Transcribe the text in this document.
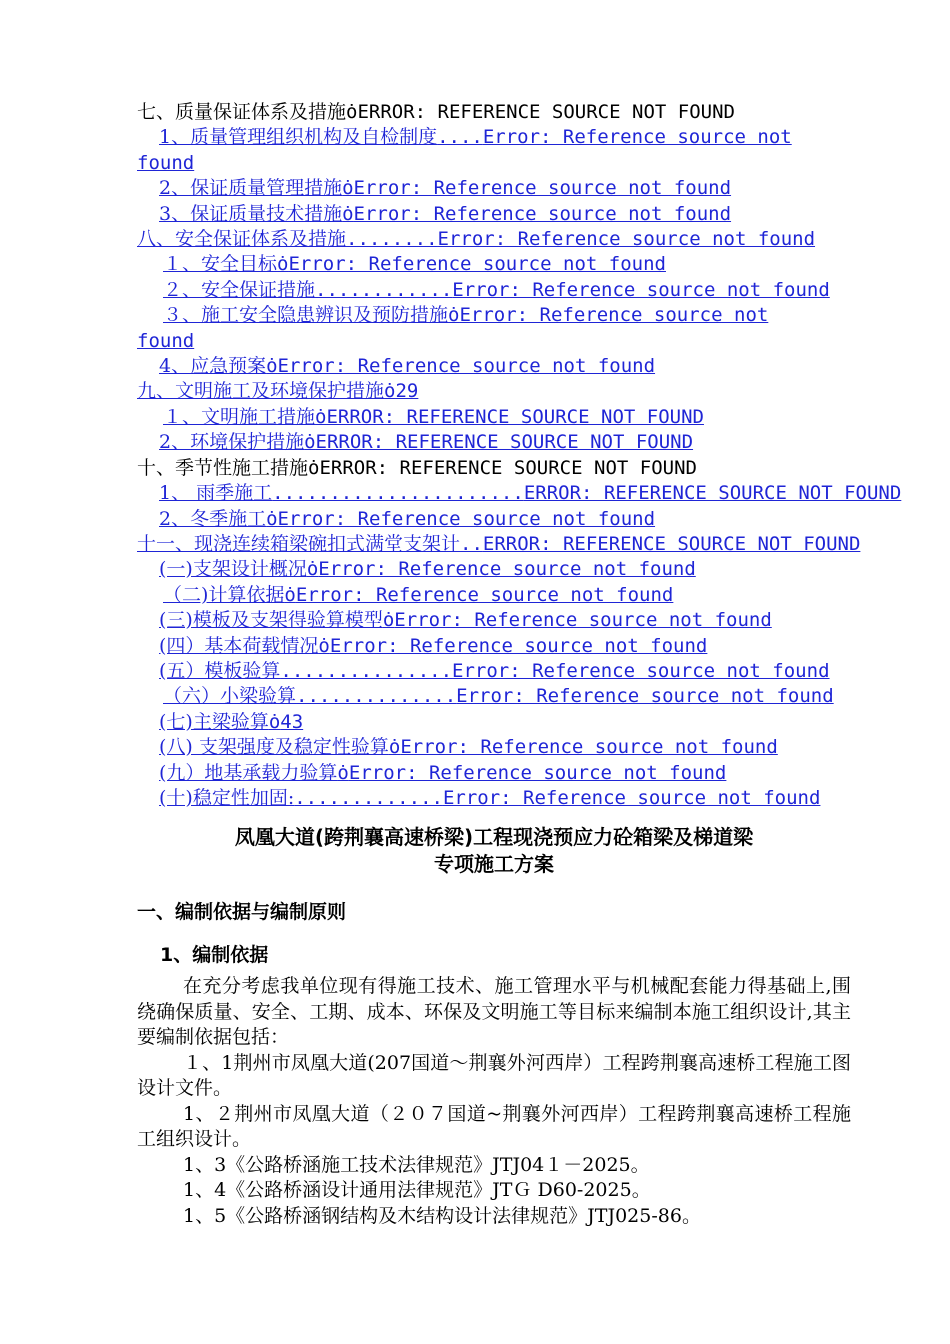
七、质量保证体系及措施ȯERROR: REFERENCE SOURCE NOT FOUND
1、质量管理组织机构及自检制度....Error: Reference source not
found
2、保证质量管理措施ȯError: Reference source not found
3、保证质量技术措施ȯError: Reference source not found
八、安全保证体系及措施........Error: Reference source not found
１、安全目标ȯError: Reference source not found
２、安全保证措施............Error: Reference source not found
３、施工安全隐患辨识及预防措施ȯError: Reference source not
found
4、应急预案ȯError: Reference source not found
九、文明施工及环境保护措施ȯ29
１、文明施工措施ȯERROR: REFERENCE SOURCE NOT FOUND
2、环境保护措施ȯERROR: REFERENCE SOURCE NOT FOUND
十、季节性施工措施ȯERROR: REFERENCE SOURCE NOT FOUND
1、 雨季施工......................ERROR: REFERENCE SOURCE NOT FOUND
2、冬季施工ȯError: Reference source not found
十一、现浇连续箱梁碗扣式满堂支架计..ERROR: REFERENCE SOURCE NOT FOUND
(一)支架设计概况ȯError: Reference source not found
（二)计算依据ȯError: Reference source not found
(三)模板及支架得验算模型ȯError: Reference source not found
(四）基本荷载情况ȯError: Reference source not found
(五）模板验算...............Error: Reference source not found
（六）小梁验算..............Error: Reference source not found
(七)主梁验算ȯ43
(八) 支架强度及稳定性验算ȯError: Reference source not found
(九）地基承载力验算ȯError: Reference source not found
(十)稳定性加固:.............Error: Reference source not found
凤凰大道(跨荆襄高速桥梁)工程现浇预应力砼箱梁及梯道梁
专项施工方案
一、编制依据与编制原则
1、编制依据

在充分考虑我单位现有得施工技术、施工管理水平与机械配套能力得基础上,围绕确保质量、安全、工期、成本、环保及文明施工等目标来编制本施工组织设计,其主要编制依据包括：

１、1荆州市凤凰大道(207国道～荆襄外河西岸）工程跨荆襄高速桥工程施工图设计文件。

1、２荆州市凤凰大道（２０７国道~荆襄外河西岸）工程跨荆襄高速桥工程施工组织设计。

1、3《公路桥涵施工技术法律规范》JTJ04１－2025。

1、4《公路桥涵设计通用法律规范》JTＧ D60-2025。

1、5《公路桥涵钢结构及木结构设计法律规范》JTJ025-86。
